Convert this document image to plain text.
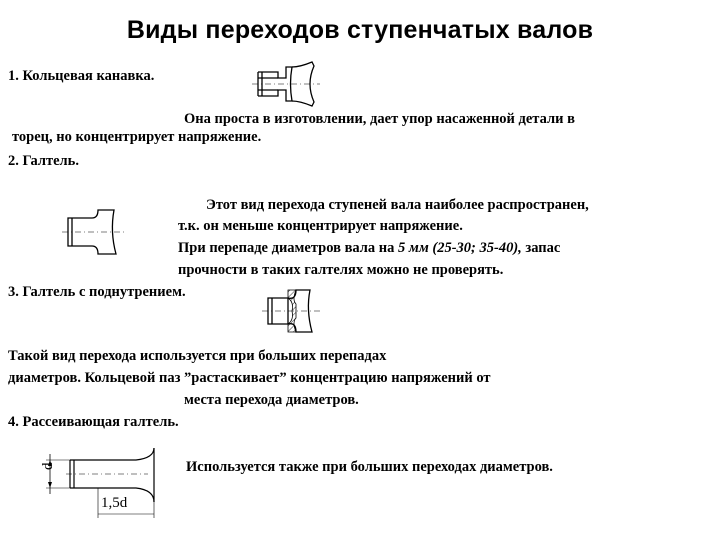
Виды переходов ступенчатых валов
1. Кольцевая канавка.
Она проста в изготовлении, дает упор насаженной детали в
торец, но концентрирует напряжение.
2. Галтель.
Этот вид перехода ступеней вала наиболее распространен,
т.к. он меньше концентрирует напряжение.
При перепаде диаметров вала на 5 мм (25-30; 35-40), запас
прочности в таких галтелях можно не проверять.
3. Галтель с поднутрением.
Такой вид перехода используется при больших перепадах
диаметров. Кольцевой паз ”растаскивает” концентрацию напряжений от
места перехода диаметров.
4. Рассеивающая галтель.
d
1,5d
Используется также при больших переходах диаметров.
